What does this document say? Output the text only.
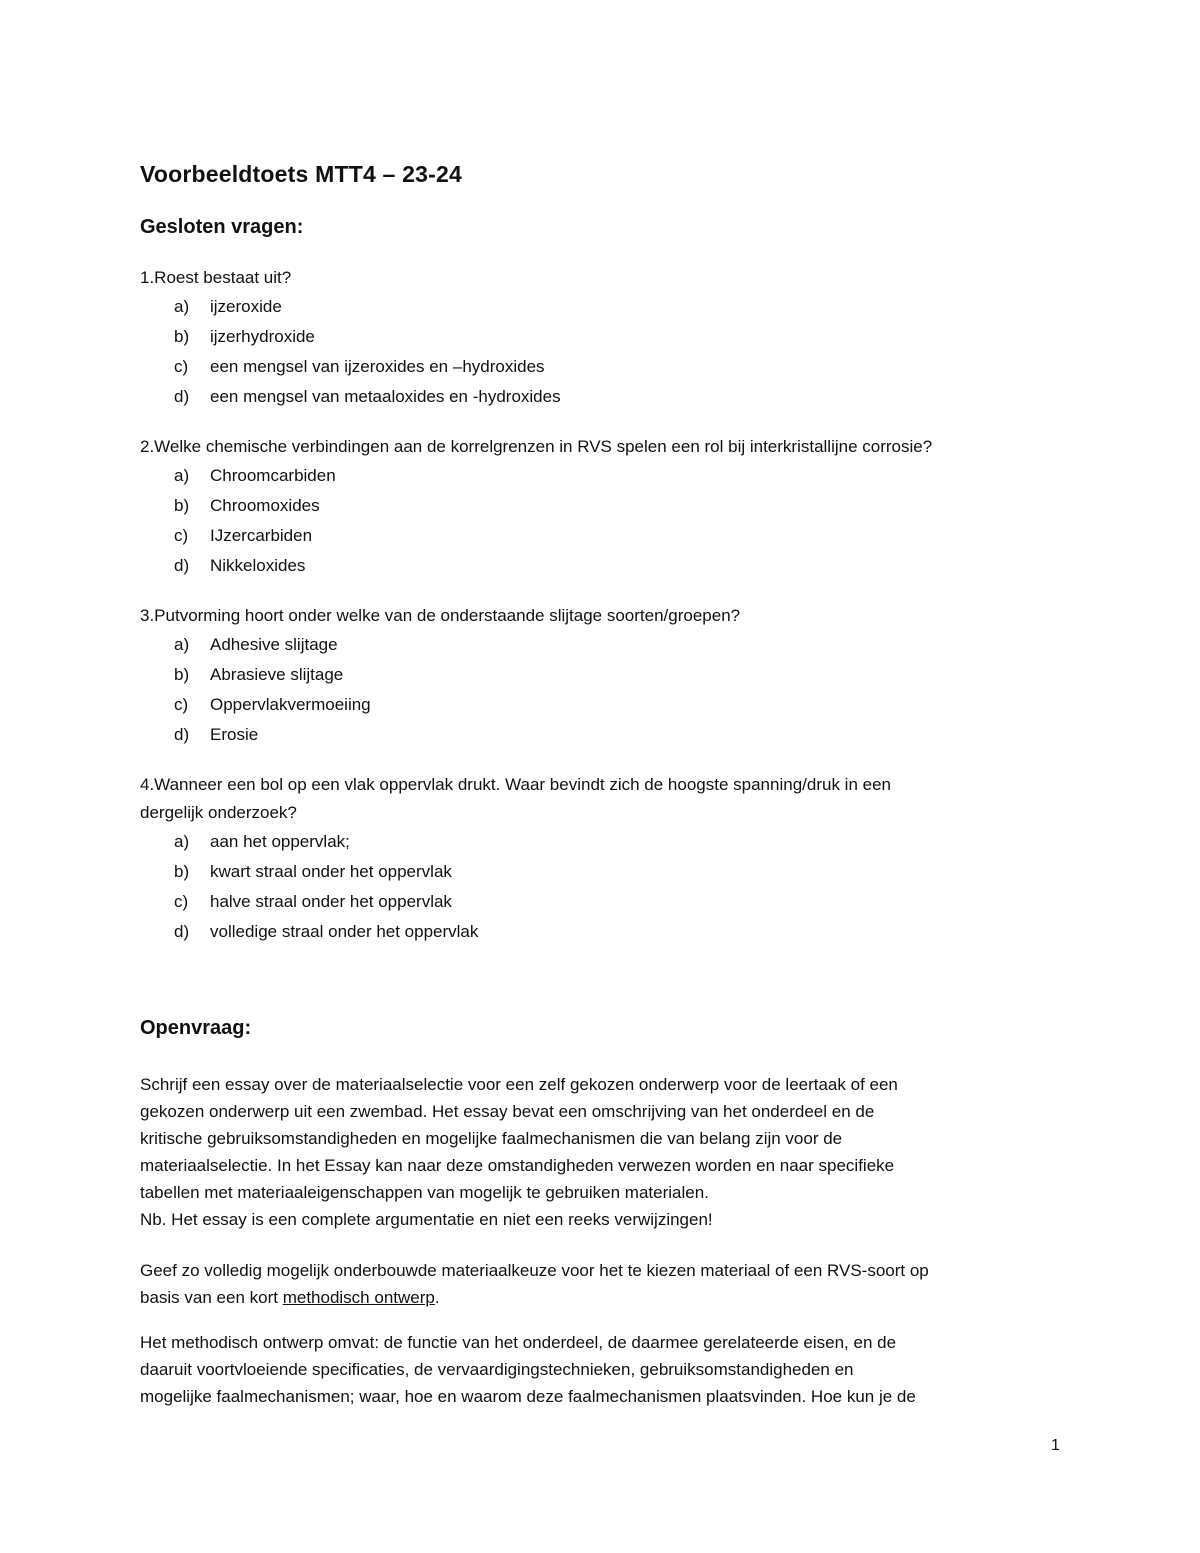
Voorbeeldtoets MTT4 – 23-24
Gesloten vragen:

1.Roest bestaat uit?

a) ijzeroxide
b) ijzerhydroxide
c) een mengsel van ijzeroxides en –hydroxides
d) een mengsel van metaaloxides en -hydroxides

2.Welke chemische verbindingen aan de korrelgrenzen in RVS spelen een rol bij interkristallijne corrosie?

a) Chroomcarbiden
b) Chroomoxides
c) IJzercarbiden
d) Nikkeloxides

3.Putvorming hoort onder welke van de onderstaande slijtage soorten/groepen?

a) Adhesive slijtage
b) Abrasieve slijtage
c) Oppervlakvermoeiing
d) Erosie

4.Wanneer een bol op een vlak oppervlak drukt. Waar bevindt zich de hoogste spanning/druk in een
dergelijk onderzoek?

a) aan het oppervlak;
b) kwart straal onder het oppervlak
c) halve straal onder het oppervlak
d) volledige straal onder het oppervlak
Openvraag:

Schrijf een essay over de materiaalselectie voor een zelf gekozen onderwerp voor de leertaak of een
gekozen onderwerp uit een zwembad. Het essay bevat een omschrijving van het onderdeel en de
kritische gebruiksomstandigheden en mogelijke faalmechanismen die van belang zijn voor de
materiaalselectie. In het Essay kan naar deze omstandigheden verwezen worden en naar specifieke
tabellen met materiaaleigenschappen van mogelijk te gebruiken materialen.
Nb. Het essay is een complete argumentatie en niet een reeks verwijzingen!

Geef zo volledig mogelijk onderbouwde materiaalkeuze voor het te kiezen materiaal of een RVS-soort op
basis van een kort methodisch ontwerp.

Het methodisch ontwerp omvat: de functie van het onderdeel, de daarmee gerelateerde eisen, en de
daaruit voortvloeiende specificaties, de vervaardigingstechnieken, gebruiksomstandigheden en
mogelijke faalmechanismen; waar, hoe en waarom deze faalmechanismen plaatsvinden. Hoe kun je de

1
